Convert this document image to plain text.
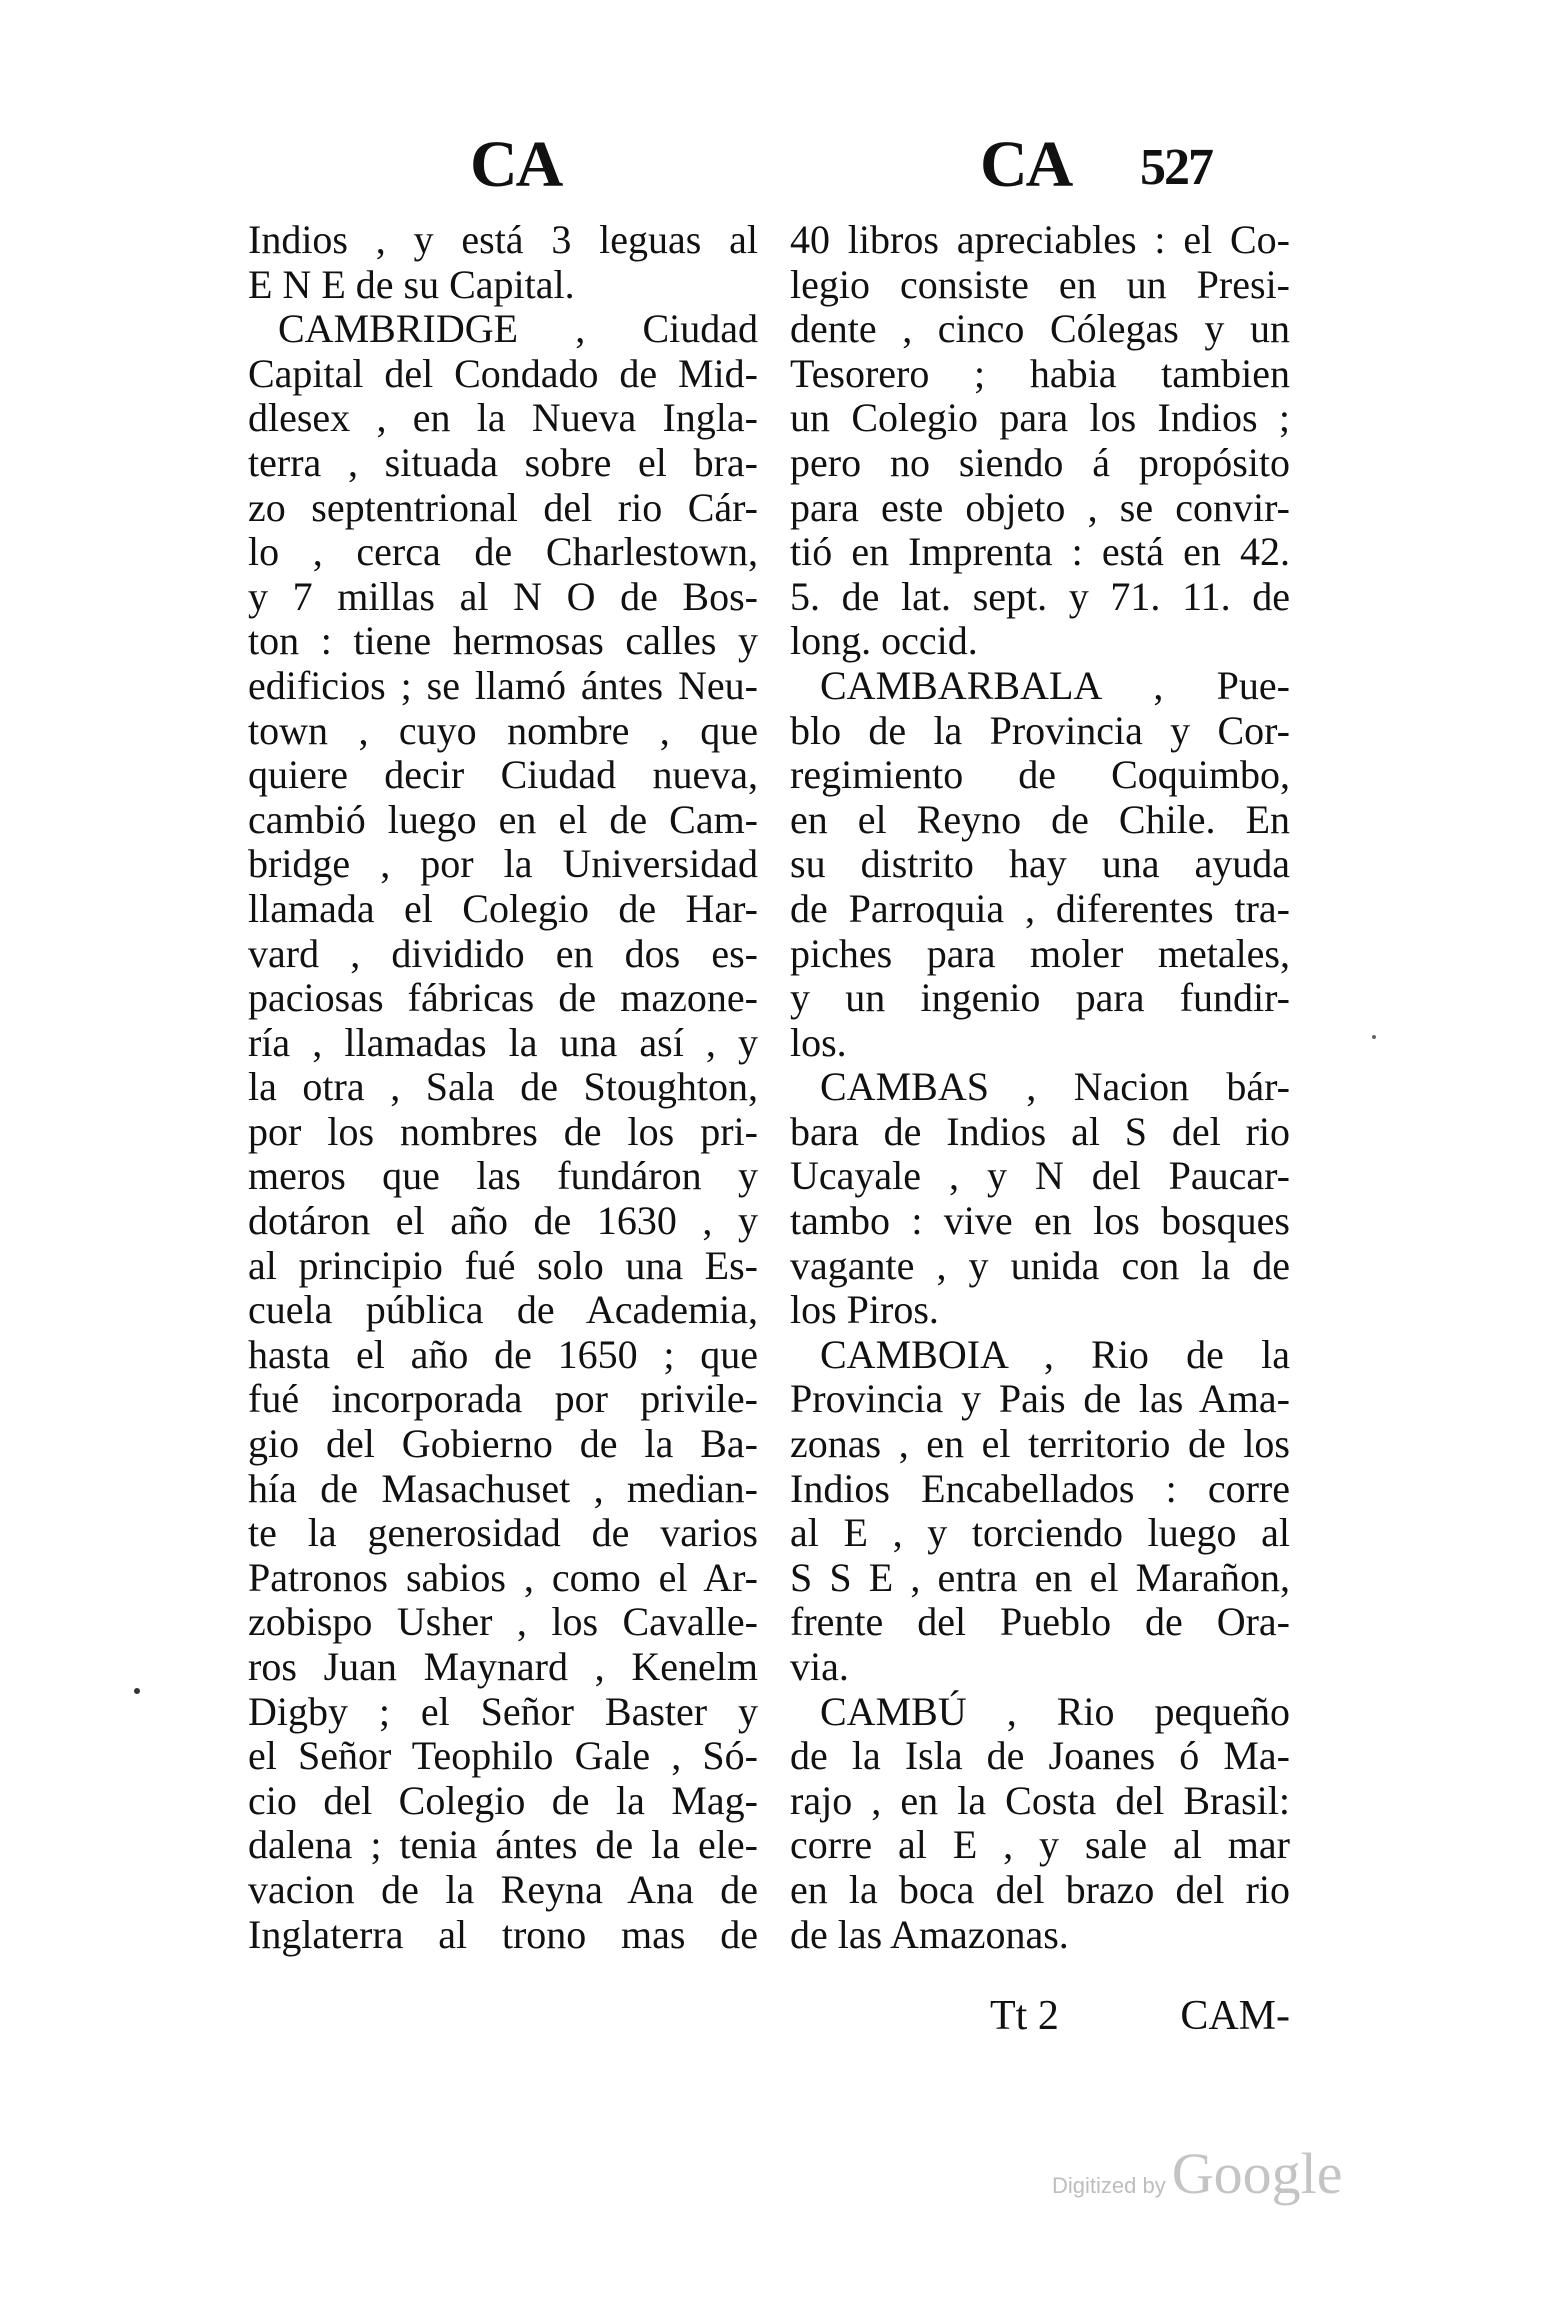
CA	CA 527
Indios , y está 3 leguas al
E N E de su Capital.
CAMBRIDGE , Ciudad
Capital del Condado de Mid-
dlesex , en la Nueva Ingla-
terra , situada sobre el bra-
zo septentrional del rio Cár-
lo , cerca de Charlestown,
y 7 millas al N O de Bos-
ton : tiene hermosas calles y
edificios ; se llamó ántes Neu-
town , cuyo nombre , que
quiere decir Ciudad nueva,
cambió luego en el de Cam-
bridge , por la Universidad
llamada el Colegio de Har-
vard , dividido en dos es-
paciosas fábricas de mazone-
ría , llamadas la una así , y
la otra , Sala de Stoughton,
por los nombres de los pri-
meros que las fundáron y
dotáron el año de 1630 , y
al principio fué solo una Es-
cuela pública de Academia,
hasta el año de 1650 ; que
fué incorporada por privile-
gio del Gobierno de la Ba-
hía de Masachuset , median-
te la generosidad de varios
Patronos sabios , como el Ar-
zobispo Usher , los Cavalle-
ros Juan Maynard , Kenelm
Digby ; el Señor Baster y
el Señor Teophilo Gale , Só-
cio del Colegio de la Mag-
dalena ; tenia ántes de la ele-
vacion de la Reyna Ana de
Inglaterra al trono mas de
40 libros apreciables : el Co-
legio consiste en un Presi-
dente , cinco Cólegas y un
Tesorero ; habia tambien
un Colegio para los Indios ;
pero no siendo á propósito
para este objeto , se convir-
tió en Imprenta : está en 42.
5. de lat. sept. y 71. 11. de
long. occid.
CAMBARBALA , Pue-
blo de la Provincia y Cor-
regimiento de Coquimbo,
en el Reyno de Chile. En
su distrito hay una ayuda
de Parroquia , diferentes tra-
piches para moler metales,
y un ingenio para fundir-
los.
CAMBAS , Nacion bár-
bara de Indios al S del rio
Ucayale , y N del Paucar-
tambo : vive en los bosques
vagante , y unida con la de
los Piros.
CAMBOIA , Rio de la
Provincia y Pais de las Ama-
zonas , en el territorio de los
Indios Encabellados : corre
al E , y torciendo luego al
S S E , entra en el Marañon,
frente del Pueblo de Ora-
via.
CAMBÚ , Rio pequeño
de la Isla de Joanes ó Ma-
rajo , en la Costa del Brasil:
corre al E , y sale al mar
en la boca del brazo del rio
de las Amazonas.
Tt 2	CAM-
Digitized by Google
